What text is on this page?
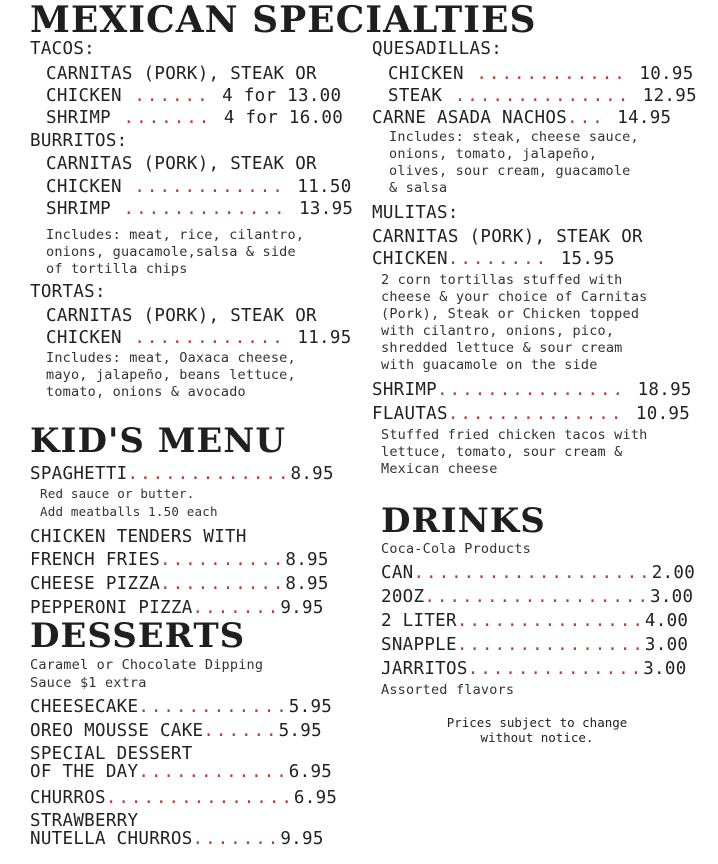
MEXICAN SPECIALTIES
TACOS:
CARNITAS (PORK), STEAK OR
CHICKEN ...... 4 for 13.00
SHRIMP ....... 4 for 16.00
BURRITOS:
CARNITAS (PORK), STEAK OR
CHICKEN ............ 11.50
SHRIMP ............. 13.95
Includes: meat, rice, cilantro,
onions, guacamole,salsa & side
of tortilla chips
TORTAS:
CARNITAS (PORK), STEAK OR
CHICKEN ............ 11.95
Includes: meat, Oaxaca cheese,
mayo, jalapeño, beans lettuce,
tomato, onions & avocado
KID'S MENU
SPAGHETTI.............8.95
Red sauce or butter.
Add meatballs 1.50 each
CHICKEN TENDERS WITH
FRENCH FRIES..........8.95
CHEESE PIZZA..........8.95
PEPPERONI PIZZA.......9.95
DESSERTS
Caramel or Chocolate Dipping
Sauce $1 extra
CHEESECAKE............5.95
OREO MOUSSE CAKE......5.95
SPECIAL DESSERT
OF THE DAY............6.95
CHURROS...............6.95
STRAWBERRY
NUTELLA CHURROS.......9.95
QUESADILLAS:
CHICKEN ............ 10.95
STEAK .............. 12.95
CARNE ASADA NACHOS... 14.95
Includes: steak, cheese sauce,
onions, tomato, jalapeño,
olives, sour cream, guacamole
& salsa
MULITAS:
CARNITAS (PORK), STEAK OR
CHICKEN........ 15.95
2 corn tortillas stuffed with
cheese & your choice of Carnitas
(Pork), Steak or Chicken topped
with cilantro, onions, pico,
shredded lettuce & sour cream
with guacamole on the side
SHRIMP............... 18.95
FLAUTAS.............. 10.95
Stuffed fried chicken tacos with
lettuce, tomato, sour cream &
Mexican cheese
DRINKS
Coca-Cola Products
CAN...................2.00
20OZ..................3.00
2 LITER...............4.00
SNAPPLE...............3.00
JARRITOS..............3.00
Assorted flavors
Prices subject to change
without notice.
